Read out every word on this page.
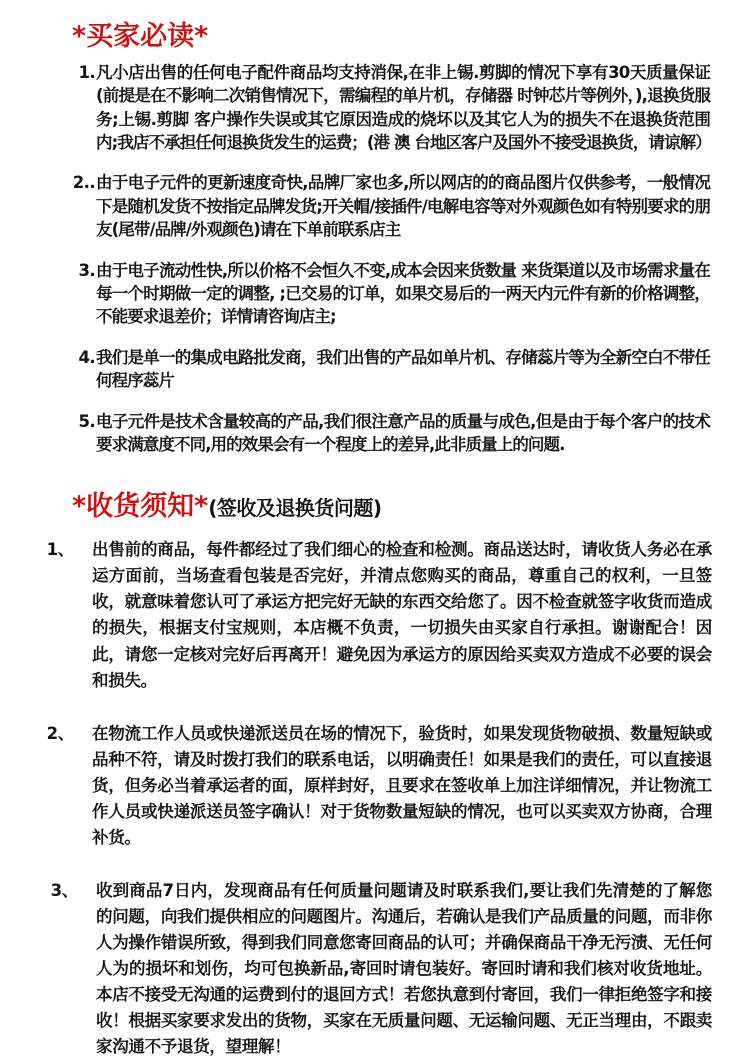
*买家必读*
1. 凡小店出售的任何电子配件商品均支持消保,在非上锡.剪脚的情况下享有30天质量保证(前提是在不影响二次销售情况下，需编程的单片机，存储器 时钟芯片等例外，),退换货服务;上锡.剪脚 客户操作失误或其它原因造成的烧坏以及其它人为的损失不在退换货范围内;我店不承担任何退换货发生的运费；(港 澳 台地区客户及国外不接受退换货，请谅解）
2.. 由于电子元件的更新速度奇快,品牌厂家也多,所以网店的的商品图片仅供参考，一般情况下是随机发货不按指定品牌发货;开关帽/接插件/电解电容等对外观颜色如有特别要求的朋友(尾带/品牌/外观颜色)请在下单前联系店主
3. 由于电子流动性快,所以价格不会恒久不变,成本会因来货数量 来货渠道以及市场需求量在每一个时期做一定的调整, ;已交易的订单，如果交易后的一两天内元件有新的价格调整，不能要求退差价；详情请咨询店主;
4. 我们是单一的集成电路批发商，我们出售的产品如单片机、存储蕊片等为全新空白不带任何程序蕊片
5. 电子元件是技术含量较高的产品,我们很注意产品的质量与成色,但是由于每个客户的技术要求满意度不同,用的效果会有一个程度上的差异,此非质量上的问题.
*收货须知*(签收及退换货问题)
1、 出售前的商品，每件都经过了我们细心的检查和检测。商品送达时，请收货人务必在承运方面前，当场查看包装是否完好，并清点您购买的商品，尊重自己的权利，一旦签收，就意味着您认可了承运方把完好无缺的东西交给您了。因不检查就签字收货而造成的损失，根据支付宝规则，本店概不负责，一切损失由买家自行承担。谢谢配合！因此，请您一定核对完好后再离开！避免因为承运方的原因给买卖双方造成不必要的误会和损失。
2、 在物流工作人员或快递派送员在场的情况下，验货时，如果发现货物破损、数量短缺或品种不符，请及时拨打我们的联系电话，以明确责任！如果是我们的责任，可以直接退货，但务必当着承运者的面，原样封好，且要求在签收单上加注详细情况，并让物流工作人员或快递派送员签字确认！对于货物数量短缺的情况，也可以买卖双方协商，合理补货。
3、 收到商品7日内，发现商品有任何质量问题请及时联系我们,要让我们先清楚的了解您的问题，向我们提供相应的问题图片。沟通后，若确认是我们产品质量的问题，而非你人为操作错误所致，得到我们同意您寄回商品的认可；并确保商品干净无污渍、无任何人为的损坏和划伤，均可包换新品,寄回时请包装好。寄回时请和我们核对收货地址。本店不接受无沟通的运费到付的退回方式！若您执意到付寄回，我们一律拒绝签字和接收！根据买家要求发出的货物，买家在无质量问题、无运输问题、无正当理由，不跟卖家沟通不予退货，望理解！
